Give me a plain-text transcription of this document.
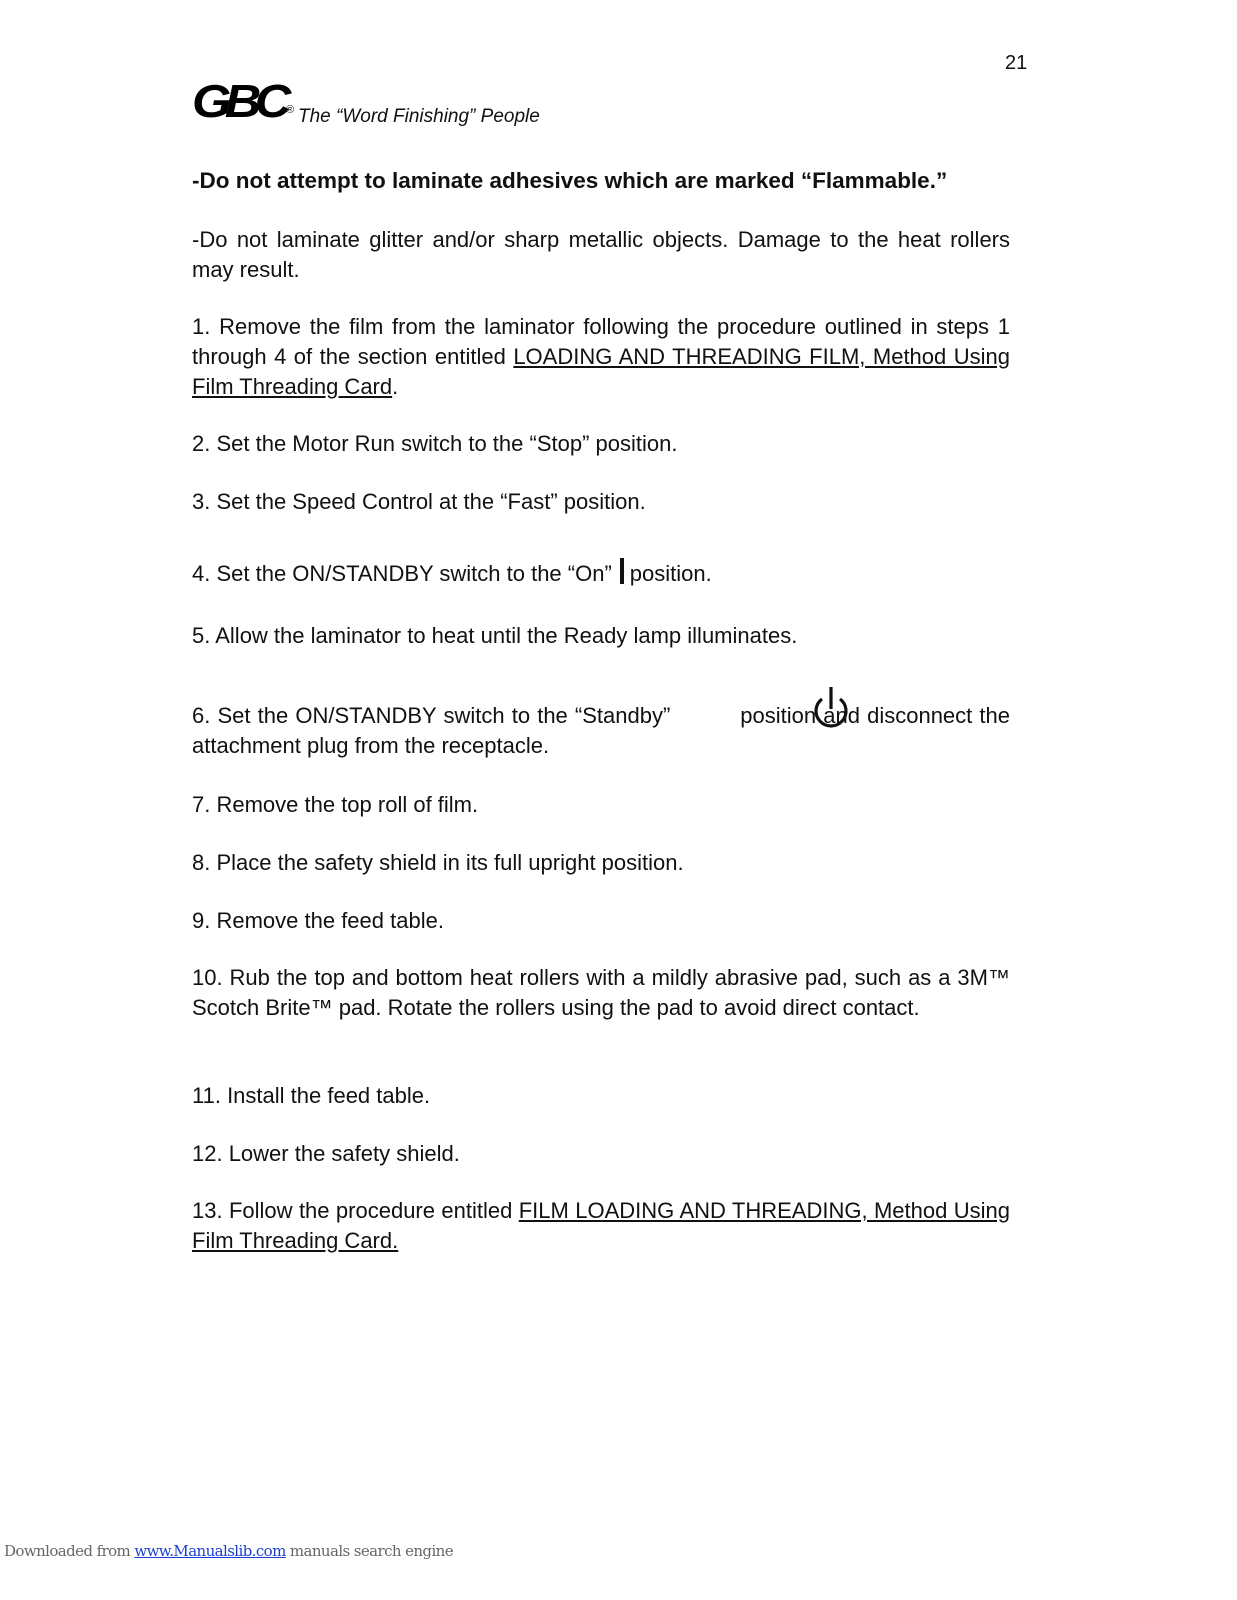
21
GBC ® The “Word Finishing” People
-Do not attempt to laminate adhesives which are marked “Flammable.”
-Do not laminate glitter and/or sharp metallic objects. Damage to the heat rollers may result.
1. Remove the film from the laminator following the procedure outlined in steps 1 through 4 of the section entitled LOADING AND THREADING FILM, Method Using Film Threading Card.
2. Set the Motor Run switch to the “Stop” position.
3. Set the Speed Control at the “Fast” position.
4. Set the ON/STANDBY switch to the “On” position.
5. Allow the laminator to heat until the Ready lamp illuminates.
6. Set the ON/STANDBY switch to the “Standby”	position and disconnect the attachment plug from the receptacle.
7. Remove the top roll of film.
8. Place the safety shield in its full upright position.
9. Remove the feed table.
10. Rub the top and bottom heat rollers with a mildly abrasive pad, such as a 3M™ Scotch Brite™ pad. Rotate the rollers using the pad to avoid direct contact.
11. Install the feed table.
12. Lower the safety shield.
13. Follow the procedure entitled FILM LOADING AND THREADING, Method Using Film Threading Card.
Downloaded from www.Manualslib.com manuals search engine
